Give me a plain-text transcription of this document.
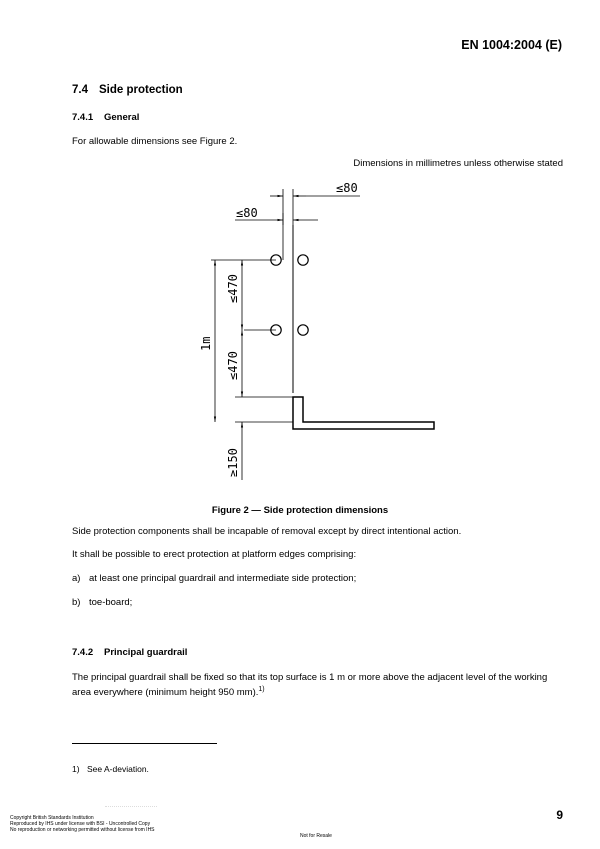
EN 1004:2004 (E)
7.4 Side protection
7.4.1 General
For allowable dimensions see Figure 2.
Dimensions in millimetres unless otherwise stated
≤80
≤80
≤470
≤470
1m
≥150
Figure 2 — Side protection dimensions
Side protection components shall be incapable of removal except by direct intentional action.
It shall be possible to erect protection at platform edges comprising:
a) at least one principal guardrail and intermediate side protection;
b) toe-board;
7.4.2 Principal guardrail
The principal guardrail shall be fixed so that its top surface is 1 m or more above the adjacent level of the working area everywhere (minimum height 950 mm).$^{1)}$
1) See A-deviation.
9
Copyright British Standards Institution
Reproduced by IHS under license with BSI - Uncontrolled Copy
No reproduction or networking permitted without license from IHS
Not for Resale
